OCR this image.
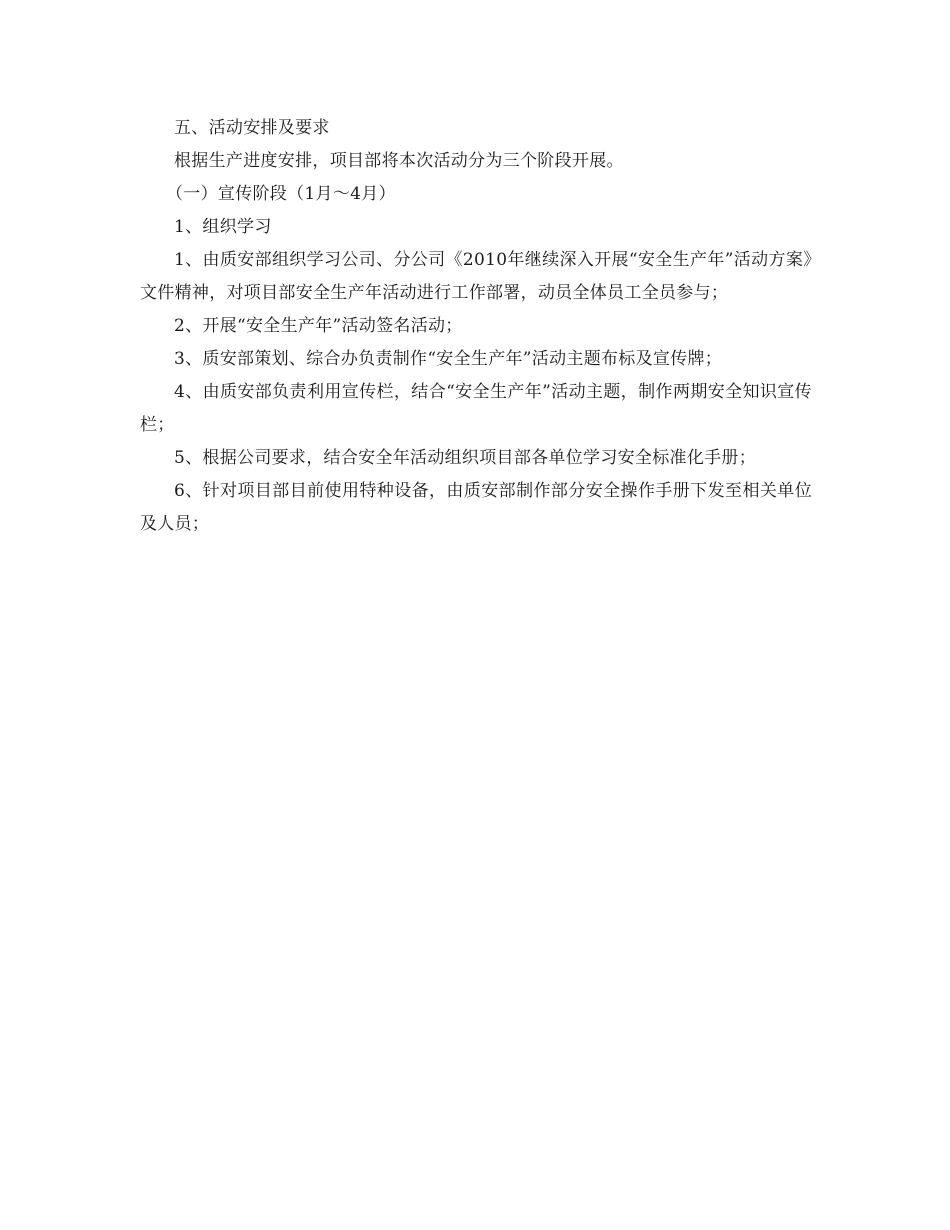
五、活动安排及要求

根据生产进度安排，项目部将本次活动分为三个阶段开展。

（一）宣传阶段（1月～4月）

1、组织学习

1、由质安部组织学习公司、分公司《2010年继续深入开展“安全生产年”活动方案》文件精神，对项目部安全生产年活动进行工作部署，动员全体员工全员参与；

2、开展“安全生产年”活动签名活动；

3、质安部策划、综合办负责制作“安全生产年”活动主题布标及宣传牌；

4、由质安部负责利用宣传栏，结合“安全生产年”活动主题，制作两期安全知识宣传栏；

5、根据公司要求，结合安全年活动组织项目部各单位学习安全标准化手册；

6、针对项目部目前使用特种设备，由质安部制作部分安全操作手册下发至相关单位及人员；
